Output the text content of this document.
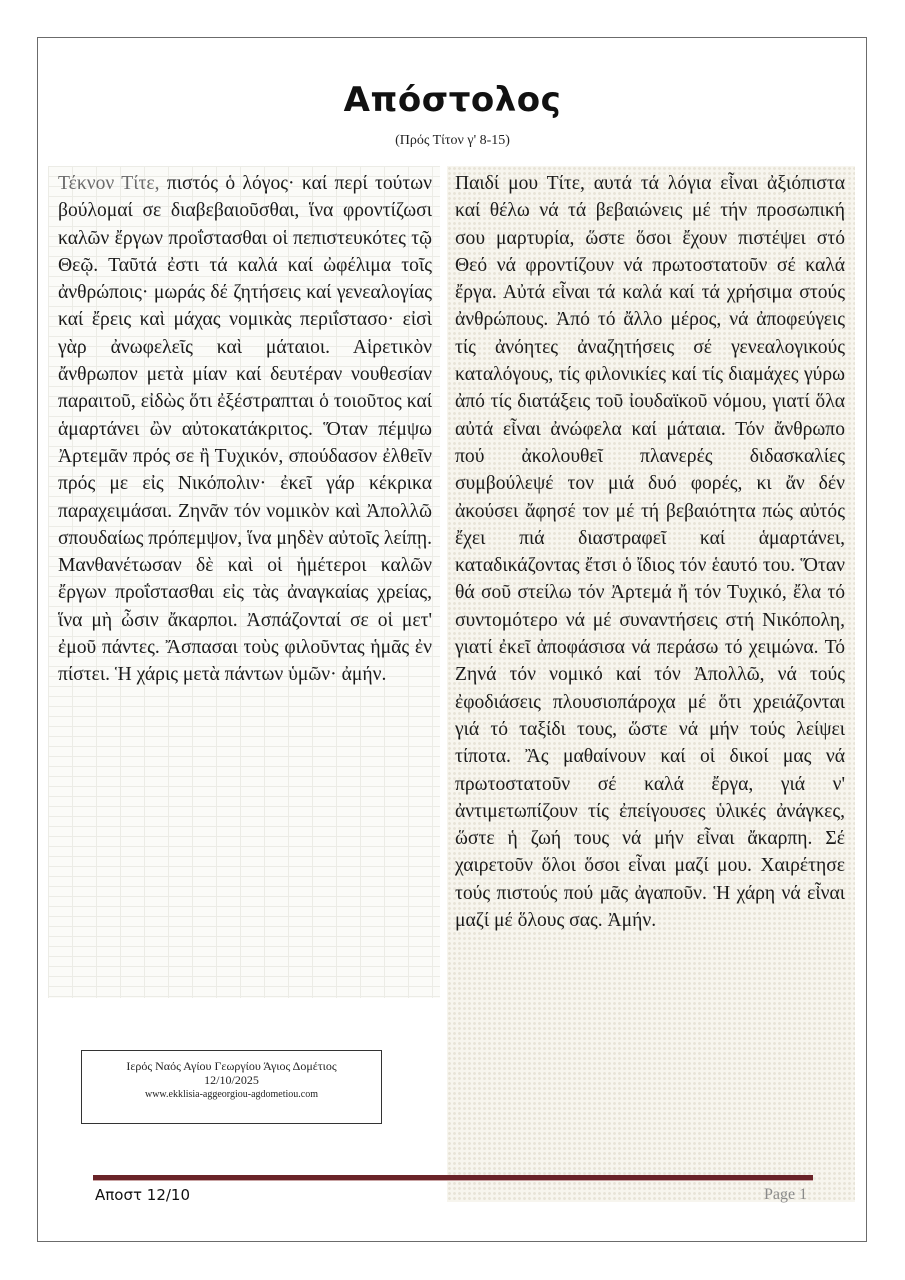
Απόστολος
(Πρός Τίτον γ' 8-15)
Τέκνον Τίτε, πιστός ὁ λόγος· καί περί τούτων βούλομαί σε διαβεβαιοῦσθαι, ἵνα φροντίζωσι καλῶν ἔργων προΐστασθαι οἱ πεπιστευκότες τῷ Θεῷ. Ταῦτά ἐστι τά καλά καί ὠφέλιμα τοῖς ἀνθρώποις· μωράς δέ ζητήσεις καί γενεαλογίας καί ἔρεις καὶ μάχας νομικὰς περιΐστασο· εἰσὶ γὰρ ἀνωφελεῖς καὶ μάταιοι. Αἱρετικὸν ἄνθρωπον μετὰ μίαν καί δευτέραν νουθεσίαν παραιτοῦ, εἰδὼς ὅτι ἐξέστραπται ὁ τοιοῦτος καί ἁμαρτάνει ὢν αὐτοκατάκριτος. Ὅταν πέμψω Ἀρτεμᾶν πρός σε ἢ Τυχικόν, σπούδασον ἐλθεῖν πρός με εἰς Νικόπολιν· ἐκεῖ γάρ κέκρικα παραχειμάσαι. Ζηνᾶν τόν νομικὸν καὶ Ἀπολλῶ σπουδαίως πρόπεμψον, ἵνα μηδὲν αὐτοῖς λείπῃ. Μανθανέτωσαν δὲ καὶ οἱ ἡμέτεροι καλῶν ἔργων προΐστασθαι εἰς τὰς ἀναγκαίας χρείας, ἵνα μὴ ὦσιν ἄκαρποι. Ἀσπάζονταί σε οἱ μετ' ἐμοῦ πάντες. Ἄσπασαι τοὺς φιλοῦντας ἡμᾶς ἐν πίστει. Ἡ χάρις μετὰ πάντων ὑμῶν· ἀμήν.
Παιδί μου Τίτε, αυτά τά λόγια εἶναι ἀξιόπιστα καί θέλω νά τά βεβαιώνεις μέ τήν προσωπική σου μαρτυρία, ὥστε ὅσοι ἔχουν πιστέψει στό Θεό νά φροντίζουν νά πρωτοστατοῦν σέ καλά ἔργα. Αὐτά εἶναι τά καλά καί τά χρήσιμα στούς ἀνθρώπους. Ἀπό τό ἄλλο μέρος, νά ἀποφεύγεις τίς ἀνόητες ἀναζητήσεις σέ γενεαλογικούς καταλόγους, τίς φιλονικίες καί τίς διαμάχες γύρω ἀπό τίς διατάξεις τοῦ ἰουδαϊκοῦ νόμου, γιατί ὅλα αὐτά εἶναι ἀνώφελα καί μάταια. Τόν ἄνθρωπο πού ἀκολουθεῖ πλανερές διδασκαλίες συμβούλεψέ τον μιά δυό φορές, κι ἄν δέν ἀκούσει ἄφησέ τον μέ τή βεβαιότητα πώς αὐτός ἔχει πιά διαστραφεῖ καί ἁμαρτάνει, καταδικάζοντας ἔτσι ὁ ἴδιος τόν ἑαυτό του. Ὅταν θά σοῦ στείλω τόν Ἀρτεμά ἤ τόν Τυχικό, ἔλα τό συντομότερο νά μέ συναντήσεις στή Νικόπολη, γιατί ἐκεῖ ἀποφάσισα νά περάσω τό χειμώνα. Τό Ζηνά τόν νομικό καί τόν Ἀπολλῶ, νά τούς ἐφοδιάσεις πλουσιοπάροχα μέ ὅτι χρειάζονται γιά τό ταξίδι τους, ὥστε νά μήν τούς λείψει τίποτα. Ἂς μαθαίνουν καί οἱ δικοί μας νά πρωτοστατοῦν σέ καλά ἔργα, γιά ν' ἀντιμετωπίζουν τίς ἐπείγουσες ὑλικές ἀνάγκες, ὥστε ἡ ζωή τους νά μήν εἶναι ἄκαρπη. Σέ χαιρετοῦν ὅλοι ὅσοι εἶναι μαζί μου. Χαιρέτησε τούς πιστούς πού μᾶς ἀγαποῦν. Ἡ χάρη νά εἶναι μαζί μέ ὅλους σας. Ἀμήν.
Ιερός Ναός Αγίου Γεωργίου Άγιος Δομέτιος
12/10/2025
www.ekklisia-aggeorgiou-agdometiou.com
Αποστ 12/10	Page 1
